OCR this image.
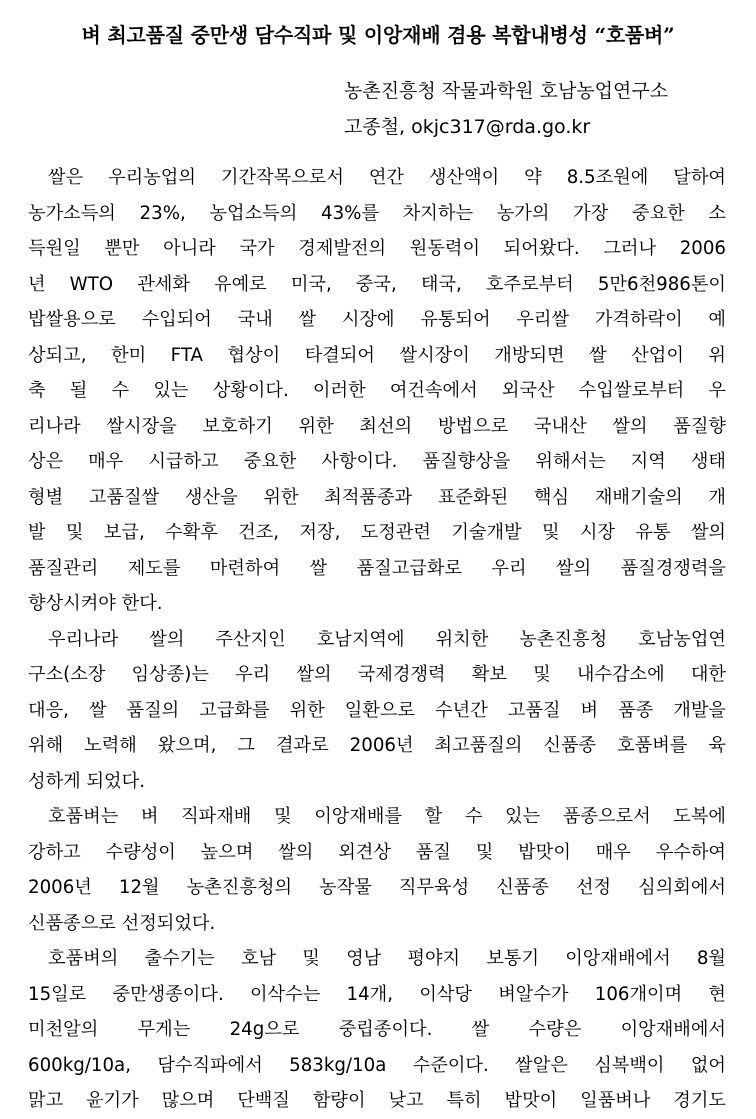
벼 최고품질 중만생 담수직파 및 이앙재배 겸용 복합내병성 “호품벼”
농촌진흥청 작물과학원 호남농업연구소
고종철, okjc317@rda.go.kr
쌀은 우리농업의 기간작목으로서 연간 생산액이 약 8.5조원에 달하여
농가소득의 23%, 농업소득의 43%를 차지하는 농가의 가장 중요한 소
득원일 뿐만 아니라 국가 경제발전의 원동력이 되어왔다. 그러나 2006
년 WTO 관세화 유예로 미국, 중국, 태국, 호주로부터 5만6천986톤이
밥쌀용으로 수입되어 국내 쌀 시장에 유통되어 우리쌀 가격하락이 예
상되고, 한미 FTA 협상이 타결되어 쌀시장이 개방되면 쌀 산업이 위
축 될 수 있는 상황이다. 이러한 여건속에서 외국산 수입쌀로부터 우
리나라 쌀시장을 보호하기 위한 최선의 방법으로 국내산 쌀의 품질향
상은 매우 시급하고 중요한 사항이다. 품질향상을 위해서는 지역 생태
형별 고품질쌀 생산을 위한 최적품종과 표준화된 핵심 재배기술의 개
발 및 보급, 수확후 건조, 저장, 도정관련 기술개발 및 시장 유통 쌀의
품질관리 제도를 마련하여 쌀 품질고급화로 우리 쌀의 품질경쟁력을
향상시켜야 한다.
우리나라 쌀의 주산지인 호남지역에 위치한 농촌진흥청 호남농업연
구소(소장 임상종)는 우리 쌀의 국제경쟁력 확보 및 내수감소에 대한
대응, 쌀 품질의 고급화를 위한 일환으로 수년간 고품질 벼 품종 개발을
위해 노력해 왔으며, 그 결과로 2006년 최고품질의 신품종 호품벼를 육
성하게 되었다.
호품벼는 벼 직파재배 및 이앙재배를 할 수 있는 품종으로서 도복에
강하고 수량성이 높으며 쌀의 외견상 품질 및 밥맛이 매우 우수하여
2006년 12월 농촌진흥청의 농작물 직무육성 신품종 선정 심의회에서
신품종으로 선정되었다.
호품벼의 출수기는 호남 및 영남 평야지 보통기 이앙재배에서 8월
15일로 중만생종이다. 이삭수는 14개, 이삭당 벼알수가 106개이며 현
미천알의 무게는 24g으로 중립종이다. 쌀 수량은 이앙재배에서
600kg/10a, 담수직파에서 583kg/10a 수준이다. 쌀알은 심복백이 없어
맑고 윤기가 많으며 단백질 함량이 낮고 특히 밥맛이 일품벼나 경기도
